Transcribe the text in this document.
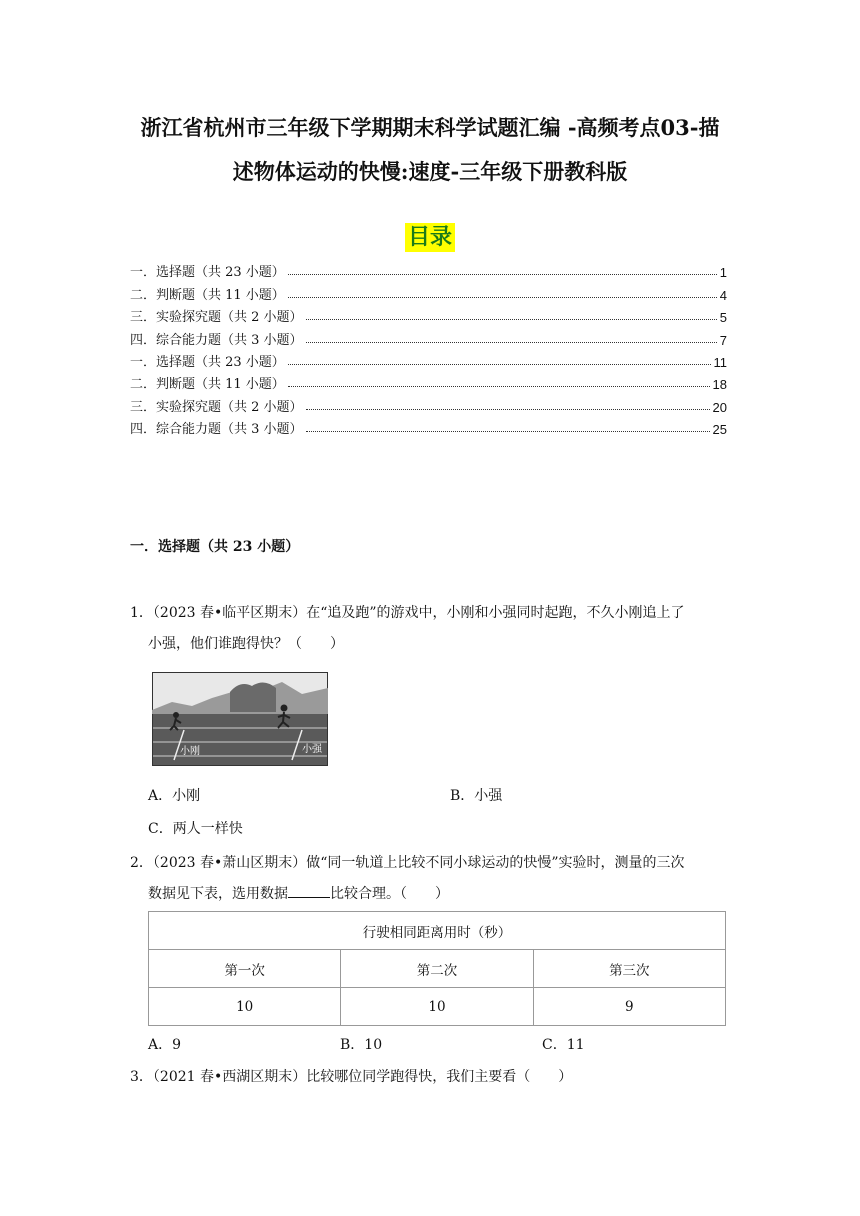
浙江省杭州市三年级下学期期末科学试题汇编 -高频考点03-描
述物体运动的快慢:速度-三年级下册教科版
目录
一．选择题（共 23 小题）	1
二．判断题（共 11 小题）	4
三．实验探究题（共 2 小题）	5
四．综合能力题（共 3 小题）	7
一．选择题（共 23 小题）	11
二．判断题（共 11 小题）	18
三．实验探究题（共 2 小题）	20
四．综合能力题（共 3 小题）	25
一．选择题（共 23 小题）
1．（2023 春•临平区期末）在“追及跑”的游戏中，小刚和小强同时起跑，不久小刚追上了
小强，他们谁跑得快？（　　）
小刚	小强
A．小刚	B．小强
C．两人一样快
2．（2023 春•萧山区期末）做“同一轨道上比较不同小球运动的快慢”实验时，测量的三次
数据见下表，选用数据	比较合理。（　　）
行驶相同距离用时（秒）		
第一次	第二次	第三次
10	10	9
A．9	B．10	C．11
3．（2021 春•西湖区期末）比较哪位同学跑得快，我们主要看（　　）
